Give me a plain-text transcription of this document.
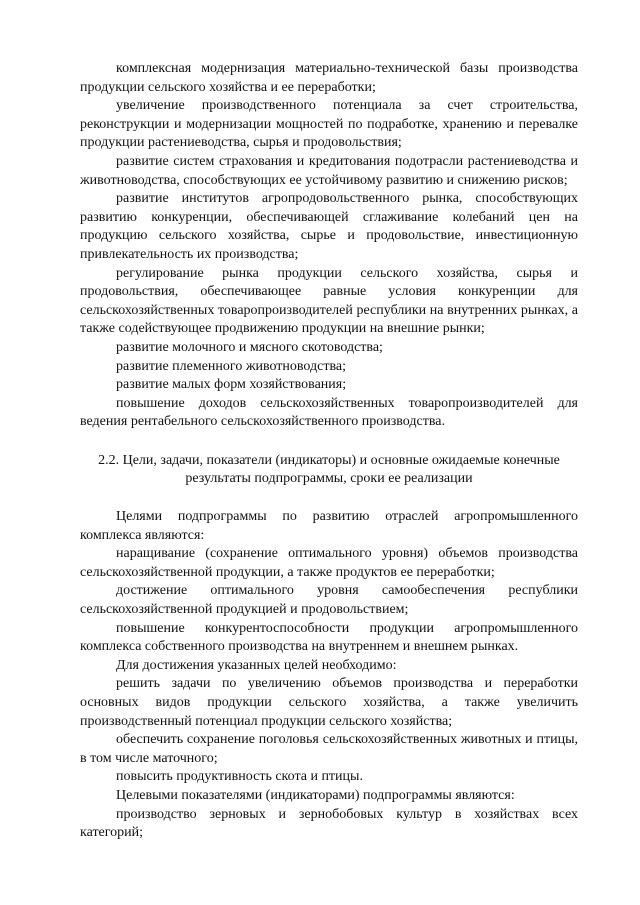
комплексная модернизация материально-технической базы производства продукции сельского хозяйства и ее переработки;

увеличение производственного потенциала за счет строительства, реконструкции и модернизации мощностей по подработке, хранению и перевалке продукции растениеводства, сырья и продовольствия;

развитие систем страхования и кредитования подотрасли растениеводства и животноводства, способствующих ее устойчивому развитию и снижению рисков;

развитие институтов агропродовольственного рынка, способствующих развитию конкуренции, обеспечивающей сглаживание колебаний цен на продукцию сельского хозяйства, сырье и продовольствие, инвестиционную привлекательность их производства;

регулирование рынка продукции сельского хозяйства, сырья и продовольствия, обеспечивающее равные условия конкуренции для сельскохозяйственных товаропроизводителей республики на внутренних рынках, а также содействующее продвижению продукции на внешние рынки;

развитие молочного и мясного скотоводства;

развитие племенного животноводства;

развитие малых форм хозяйствования;

повышение доходов сельскохозяйственных товаропроизводителей для ведения рентабельного сельскохозяйственного производства.

2.2. Цели, задачи, показатели (индикаторы) и основные ожидаемые конечные
результаты подпрограммы, сроки ее реализации

Целями подпрограммы по развитию отраслей агропромышленного комплекса являются:

наращивание (сохранение оптимального уровня) объемов производства сельскохозяйственной продукции, а также продуктов ее переработки;

достижение оптимального уровня самообеспечения республики сельскохозяйственной продукцией и продовольствием;

повышение конкурентоспособности продукции агропромышленного комплекса собственного производства на внутреннем и внешнем рынках.

Для достижения указанных целей необходимо:

решить задачи по увеличению объемов производства и переработки основных видов продукции сельского хозяйства, а также увеличить производственный потенциал продукции сельского хозяйства;

обеспечить сохранение поголовья сельскохозяйственных животных и птицы, в том числе маточного;

повысить продуктивность скота и птицы.

Целевыми показателями (индикаторами) подпрограммы являются:

производство зерновых и зернобобовых культур в хозяйствах всех категорий;
